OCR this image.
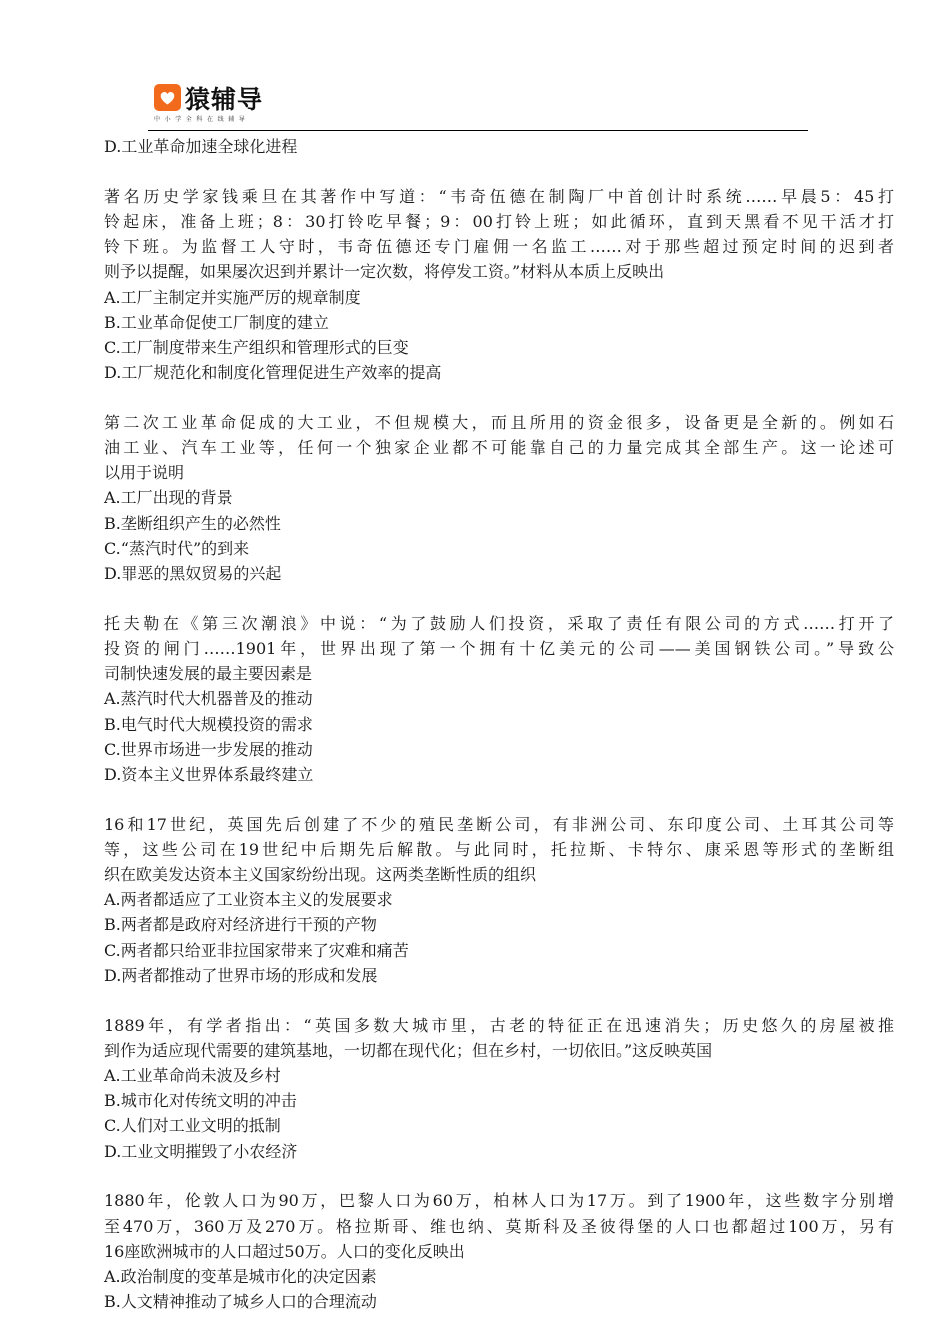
猿辅导
中小学全科在线辅导
D.工业革命加速全球化进程
著名历史学家钱乘旦在其著作中写道：“韦奇伍德在制陶厂中首创计时系统……早晨5：45打
铃起床，准备上班；8：30打铃吃早餐；9：00打铃上班；如此循环，直到天黑看不见干活才打
铃下班。为监督工人守时，韦奇伍德还专门雇佣一名监工……对于那些超过预定时间的迟到者
则予以提醒，如果屡次迟到并累计一定次数，将停发工资。”材料从本质上反映出
A.工厂主制定并实施严厉的规章制度
B.工业革命促使工厂制度的建立
C.工厂制度带来生产组织和管理形式的巨变
D.工厂规范化和制度化管理促进生产效率的提高
第二次工业革命促成的大工业，不但规模大，而且所用的资金很多，设备更是全新的。例如石
油工业、汽车工业等，任何一个独家企业都不可能靠自己的力量完成其全部生产。这一论述可
以用于说明
A.工厂出现的背景
B.垄断组织产生的必然性
C.“蒸汽时代”的到来
D.罪恶的黑奴贸易的兴起
托夫勒在《第三次潮浪》中说：“为了鼓励人们投资，采取了责任有限公司的方式……打开了
投资的闸门……1901年，世界出现了第一个拥有十亿美元的公司——美国钢铁公司。”导致公
司制快速发展的最主要因素是
A.蒸汽时代大机器普及的推动
B.电气时代大规模投资的需求
C.世界市场进一步发展的推动
D.资本主义世界体系最终建立
16和17世纪，英国先后创建了不少的殖民垄断公司，有非洲公司、东印度公司、土耳其公司等
等，这些公司在19世纪中后期先后解散。与此同时，托拉斯、卡特尔、康采恩等形式的垄断组
织在欧美发达资本主义国家纷纷出现。这两类垄断性质的组织
A.两者都适应了工业资本主义的发展要求
B.两者都是政府对经济进行干预的产物
C.两者都只给亚非拉国家带来了灾难和痛苦
D.两者都推动了世界市场的形成和发展
1889年，有学者指出：“英国多数大城市里，古老的特征正在迅速消失；历史悠久的房屋被推
到作为适应现代需要的建筑基地，一切都在现代化；但在乡村，一切依旧。”这反映英国
A.工业革命尚未波及乡村
B.城市化对传统文明的冲击
C.人们对工业文明的抵制
D.工业文明摧毁了小农经济
1880年，伦敦人口为90万，巴黎人口为60万，柏林人口为17万。到了1900年，这些数字分别增
至470万，360万及270万。格拉斯哥、维也纳、莫斯科及圣彼得堡的人口也都超过100万，另有
16座欧洲城市的人口超过50万。人口的变化反映出
A.政治制度的变革是城市化的决定因素
B.人文精神推动了城乡人口的合理流动
